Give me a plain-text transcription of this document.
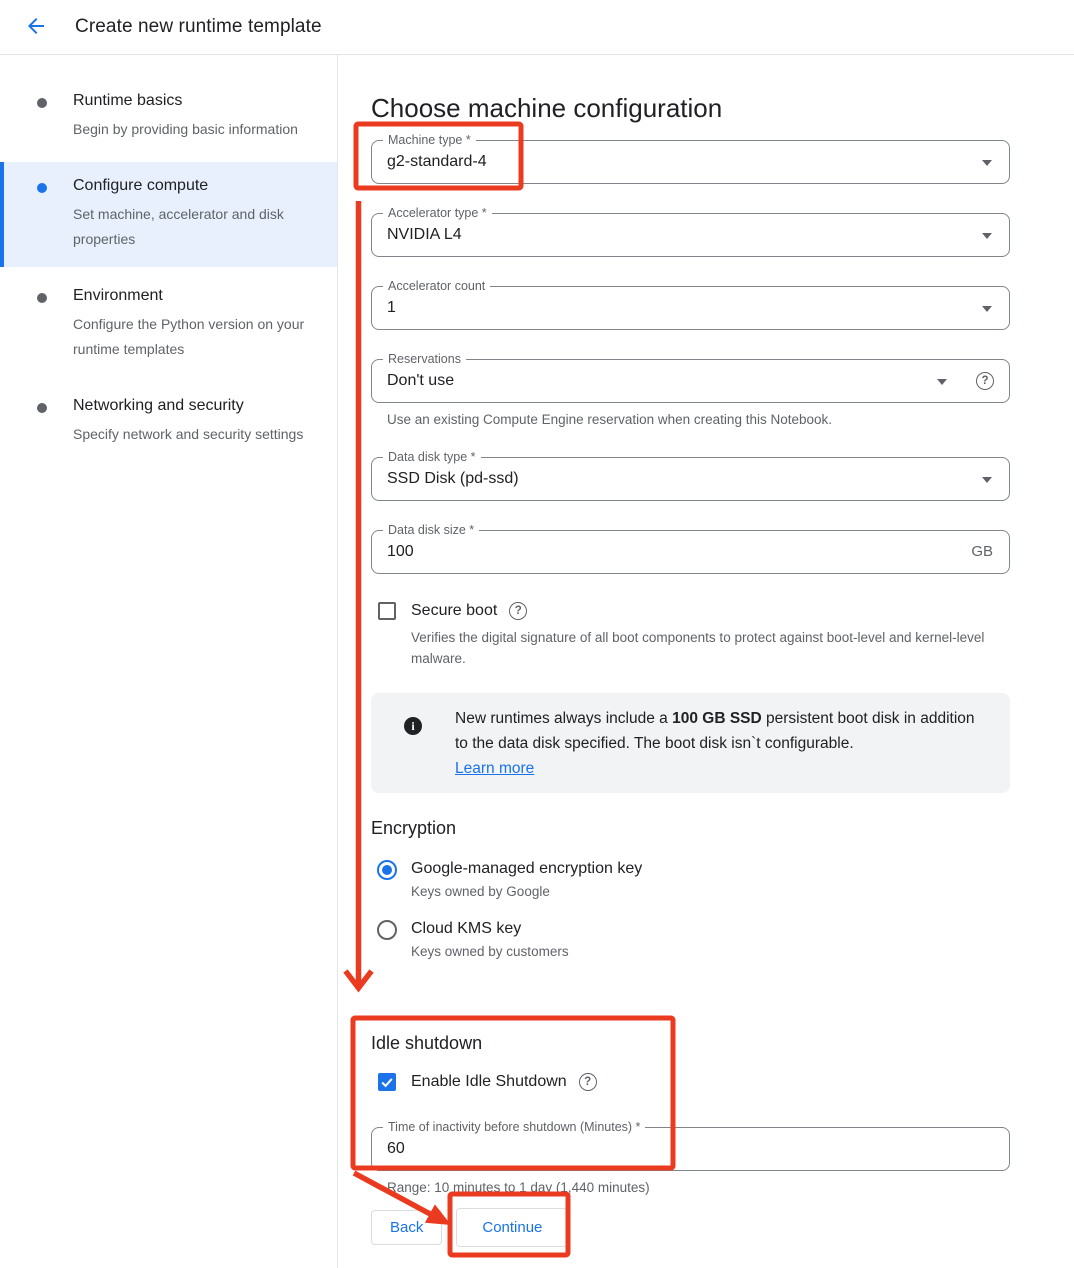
Create new runtime template
Runtime basics
Begin by providing basic information
Configure compute
Set machine, accelerator and disk properties
Environment
Configure the Python version on your runtime templates
Networking and security
Specify network and security settings
Choose machine configuration
Machine type *
g2-standard-4
Accelerator type *
NVIDIA L4
Accelerator count
1
Reservations
Don't use	?
Use an existing Compute Engine reservation when creating this Notebook.
Data disk type *
SSD Disk (pd-ssd)
Data disk size *
100	GB
Secure boot	?
Verifies the digital signature of all boot components to protect against boot-level and kernel-level malware.
i	New runtimes always include a 100 GB SSD persistent boot disk in addition to the data disk specified. The boot disk isn`t configurable.
Learn more
Encryption
Google-managed encryption key
Keys owned by Google
Cloud KMS key
Keys owned by customers
Idle shutdown
Enable Idle Shutdown	?
Time of inactivity before shutdown (Minutes) *
60
Range: 10 minutes to 1 day (1,440 minutes)
Back	Continue
